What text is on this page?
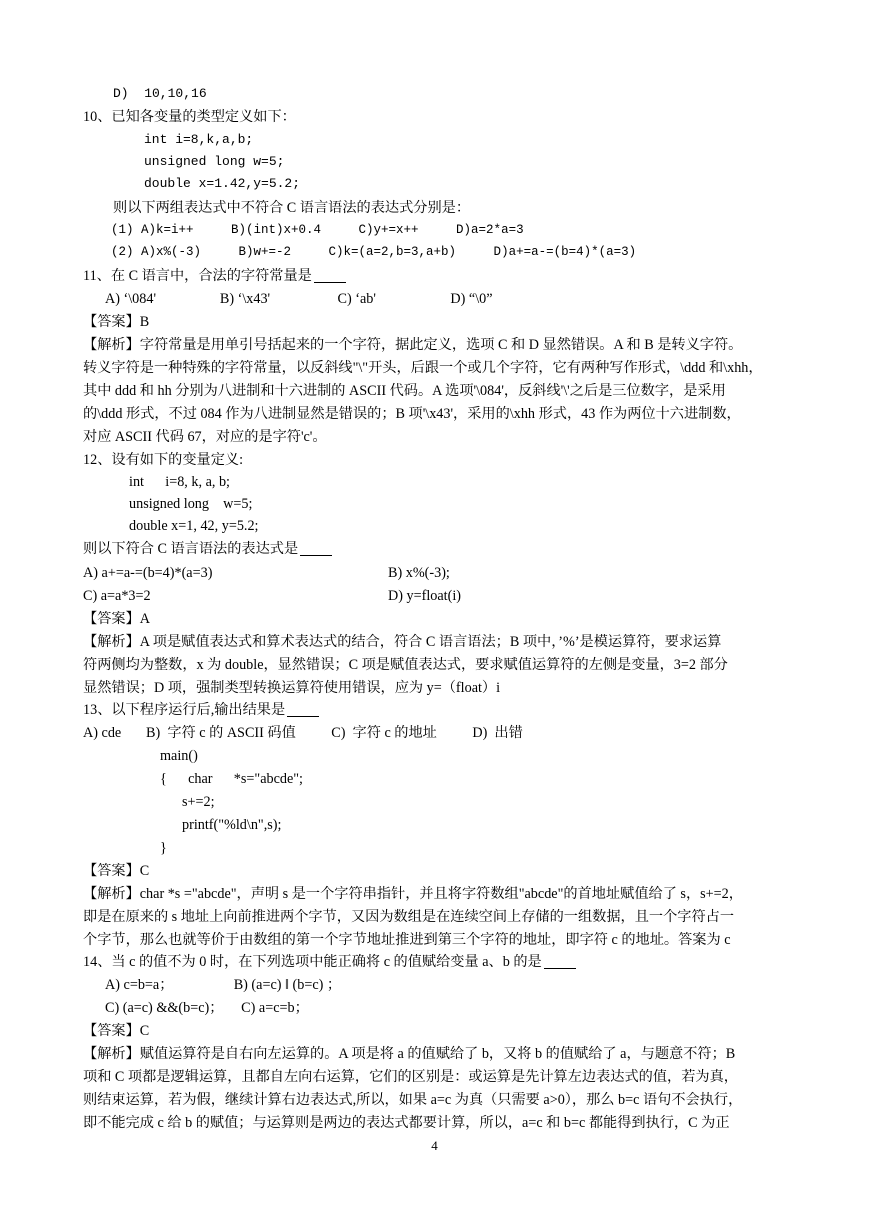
D)  10,10,16
10、已知各变量的类型定义如下：
int i=8,k,a,b;
unsigned long w=5;
double x=1.42,y=5.2;
则以下两组表达式中不符合 C 语言语法的表达式分别是：
(1) A)k=i++     B)(int)x+0.4     C)y+=x++     D)a=2*a=3
(2) A)x%(-3)     B)w+=-2     C)k=(a=2,b=3,a+b)     D)a+=a-=(b=4)*(a=3)
11、在 C 语言中，合法的字符常量是
A) ‘\084'                  B) ‘\x43'                   C) ‘ab'                     D) “\0”
【答案】B
【解析】字符常量是用单引号括起来的一个字符，据此定义，选项 C 和 D 显然错误。A 和 B 是转义字符。
转义字符是一种特殊的字符常量，以反斜线"\"开头，后跟一个或几个字符，它有两种写作形式，\ddd 和\xhh，
其中 ddd 和 hh 分别为八进制和十六进制的 ASCII 代码。A 选项'\084'，反斜线'\'之后是三位数字，是采用
的\ddd 形式，不过 084 作为八进制显然是错误的；B 项'\x43'，采用的\xhh 形式，43 作为两位十六进制数，
对应 ASCII 代码 67，对应的是字符'c'。
12、设有如下的变量定义:
int      i=8, k, a, b;
unsigned long    w=5;
double x=1, 42, y=5.2;
则以下符合 C 语言语法的表达式是
A) a+=a-=(b=4)*(a=3)	B) x%(-3);
C) a=a*3=2	D) y=float(i)
【答案】A
【解析】A 项是赋值表达式和算术表达式的结合，符合 C 语言语法；B 项中，’%’是模运算符，要求运算
符两侧均为整数，x 为 double，显然错误；C 项是赋值表达式，要求赋值运算符的左侧是变量，3=2 部分
显然错误；D 项，强制类型转换运算符使用错误，应为 y=（float）i
13、以下程序运行后,输出结果是
A) cde       B)  字符 c 的 ASCII 码值          C)  字符 c 的地址          D)  出错
main()
{      char      *s="abcde";
s+=2;
printf("%ld\n",s);
}
【答案】C
【解析】char *s ="abcde"，声明 s 是一个字符串指针，并且将字符数组"abcde"的首地址赋值给了 s，s+=2，
即是在原来的 s 地址上向前推进两个字节，又因为数组是在连续空间上存储的一组数据，且一个字符占一
个字节，那么也就等价于由数组的第一个字节地址推进到第三个字符的地址，即字符 c 的地址。答案为 c
14、当 c 的值不为 0 时，在下列选项中能正确将 c 的值赋给变量 a、b 的是
A) c=b=a；                 B) (a=c) ‖ (b=c) ；
C) (a=c) &&(b=c)；     C) a=c=b；
【答案】C
【解析】赋值运算符是自右向左运算的。A 项是将 a 的值赋给了 b，又将 b 的值赋给了 a，与题意不符；B
项和 C 项都是逻辑运算，且都自左向右运算，它们的区别是：或运算是先计算左边表达式的值，若为真，
则结束运算，若为假，继续计算右边表达式,所以，如果 a=c 为真（只需要 a>0），那么 b=c 语句不会执行，
即不能完成 c 给 b 的赋值；与运算则是两边的表达式都要计算，所以，a=c 和 b=c 都能得到执行，C 为正
4
